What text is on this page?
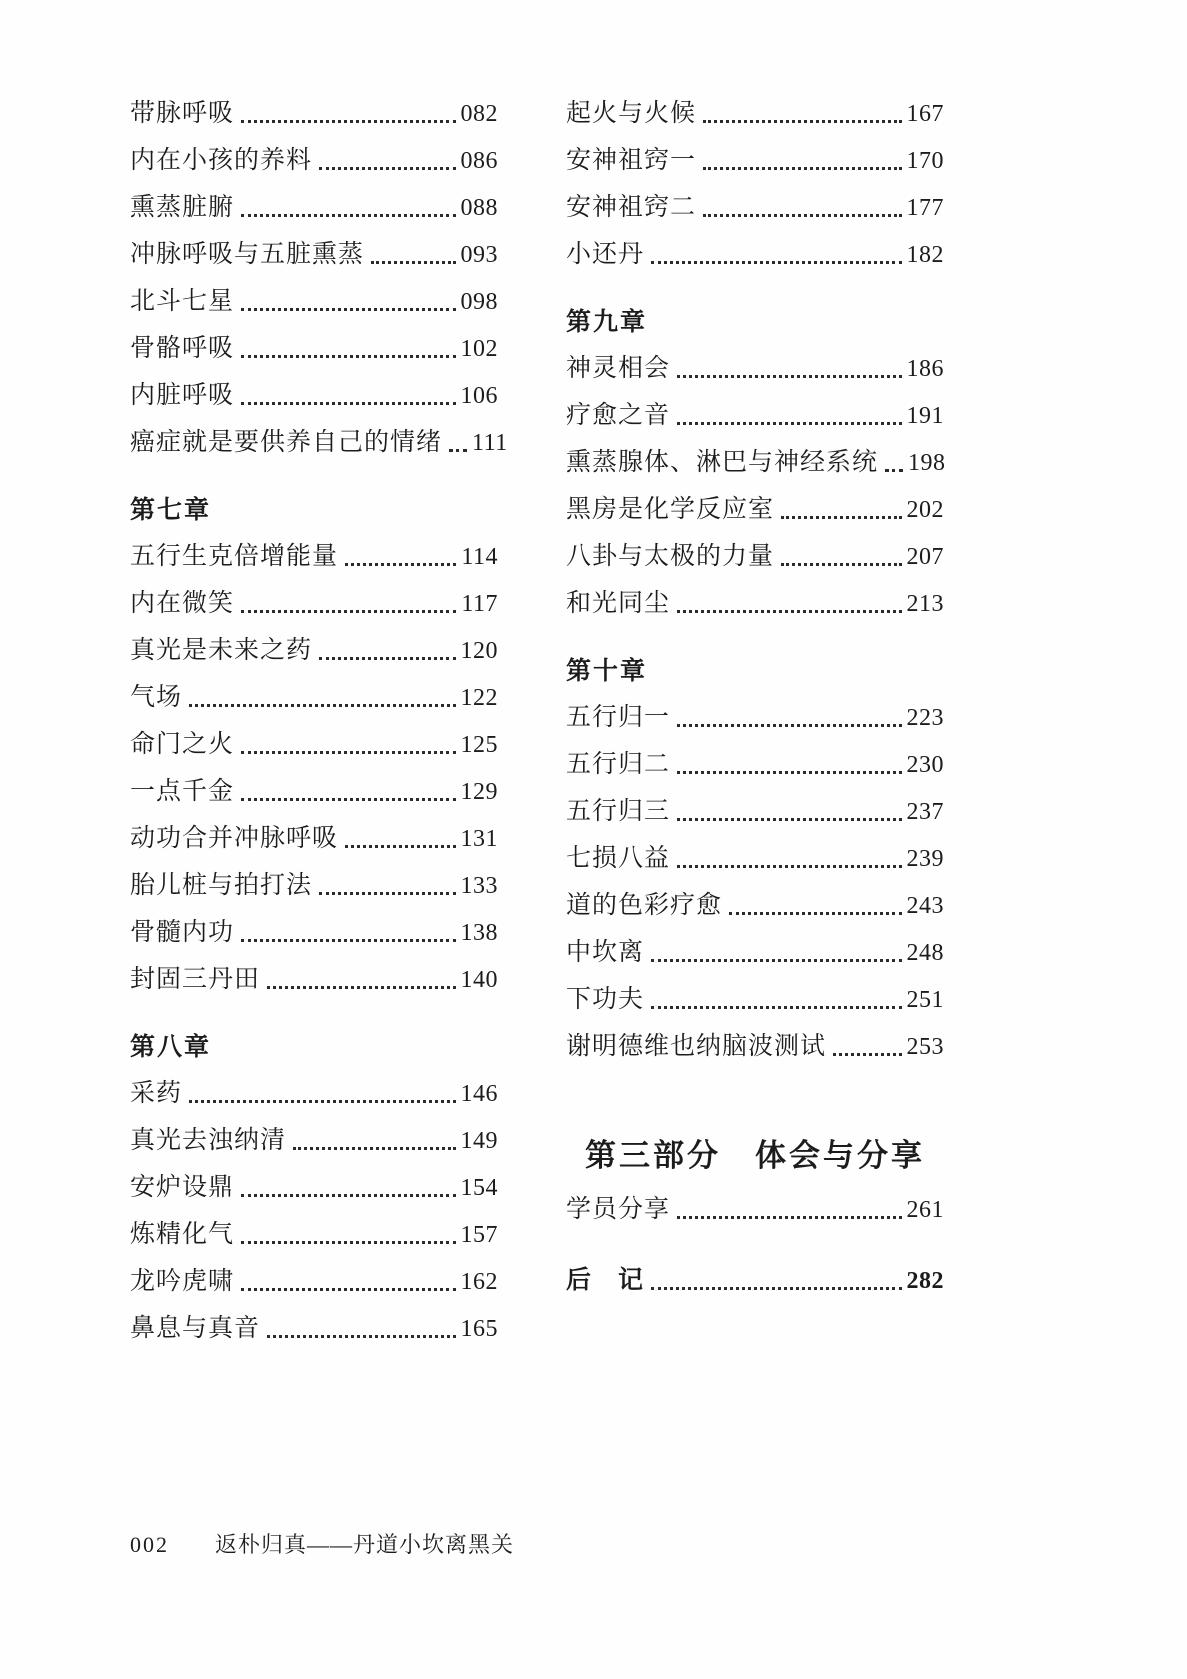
带脉呼吸	082
内在小孩的养料	086
熏蒸脏腑	088
冲脉呼吸与五脏熏蒸	093
北斗七星	098
骨骼呼吸	102
内脏呼吸	106
癌症就是要供养自己的情绪 111
第七章
五行生克倍增能量	114
内在微笑	117
真光是未来之药	120
气场	122
命门之火	125
一点千金	129
动功合并冲脉呼吸	131
胎儿桩与拍打法	133
骨髓内功	138
封固三丹田	140
第八章
采药	146
真光去浊纳清	149
安炉设鼎	154
炼精化气	157
龙吟虎啸	162
鼻息与真音	165
起火与火候	167
安神祖窍一	170
安神祖窍二	177
小还丹	182
第九章
神灵相会	186
疗愈之音	191
熏蒸腺体、淋巴与神经系统 198
黑房是化学反应室	202
八卦与太极的力量	207
和光同尘	213
第十章
五行归一	223
五行归二	230
五行归三	237
七损八益	239
道的色彩疗愈	243
中坎离	248
下功夫	251
谢明德维也纳脑波测试	253
第三部分　体会与分享
学员分享	261
后　记	282
002 返朴归真——丹道小坎离黑关
